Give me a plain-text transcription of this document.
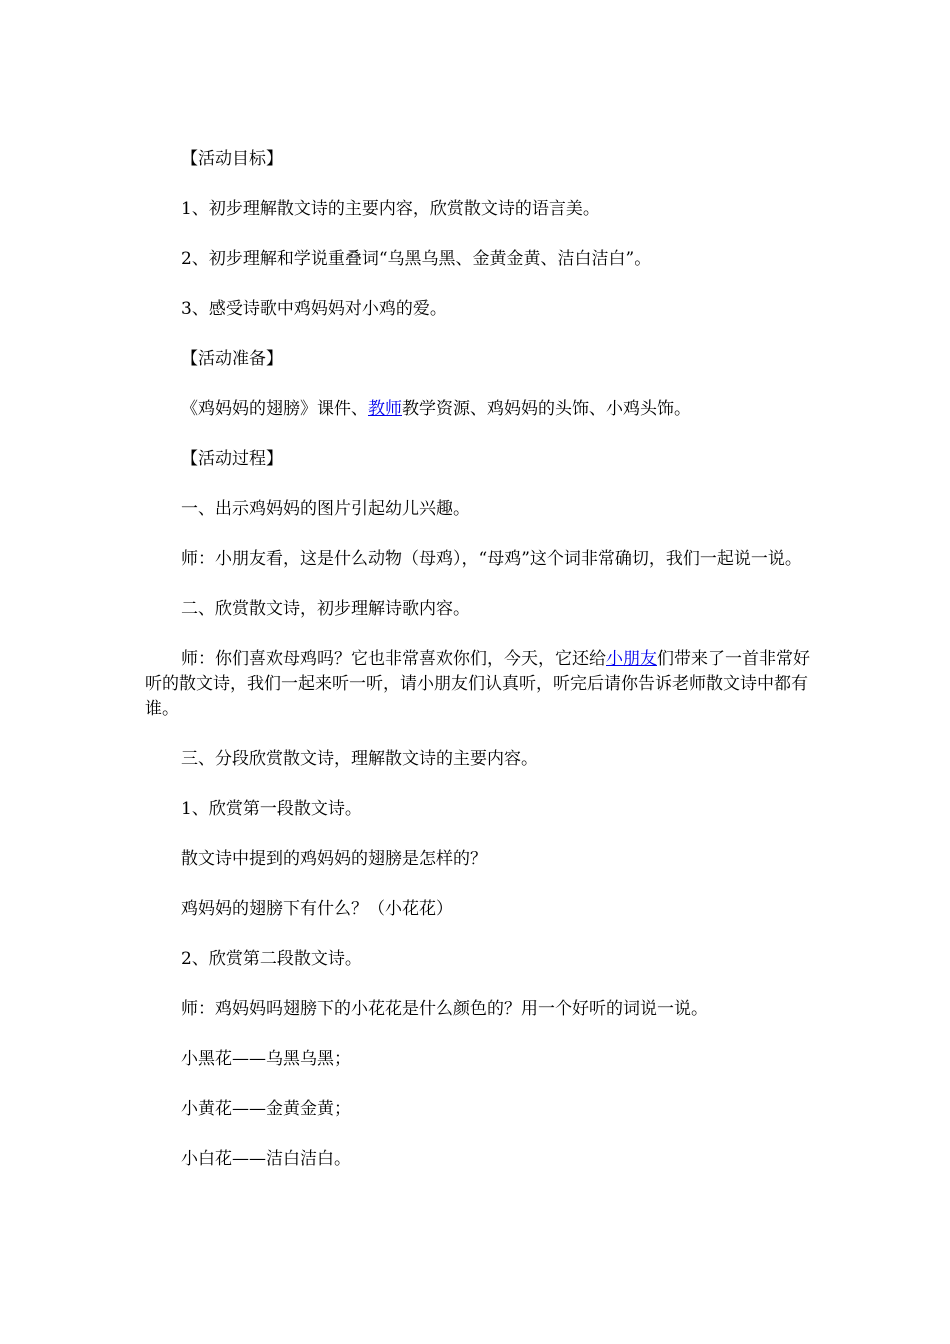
【活动目标】

1、初步理解散文诗的主要内容，欣赏散文诗的语言美。

2、初步理解和学说重叠词“乌黑乌黑、金黄金黄、洁白洁白”。

3、感受诗歌中鸡妈妈对小鸡的爱。

【活动准备】

《鸡妈妈的翅膀》课件、教师教学资源、鸡妈妈的头饰、小鸡头饰。

【活动过程】

一、出示鸡妈妈的图片引起幼儿兴趣。

师：小朋友看，这是什么动物（母鸡），“母鸡”这个词非常确切，我们一起说一说。

二、欣赏散文诗，初步理解诗歌内容。

师：你们喜欢母鸡吗？它也非常喜欢你们，今天，它还给小朋友们带来了一首非常好听的散文诗，我们一起来听一听，请小朋友们认真听，听完后请你告诉老师散文诗中都有谁。

三、分段欣赏散文诗，理解散文诗的主要内容。

1、欣赏第一段散文诗。

散文诗中提到的鸡妈妈的翅膀是怎样的？

鸡妈妈的翅膀下有什么？（小花花）

2、欣赏第二段散文诗。

师：鸡妈妈吗翅膀下的小花花是什么颜色的？用一个好听的词说一说。

小黑花——乌黑乌黑；

小黄花——金黄金黄；

小白花——洁白洁白。
